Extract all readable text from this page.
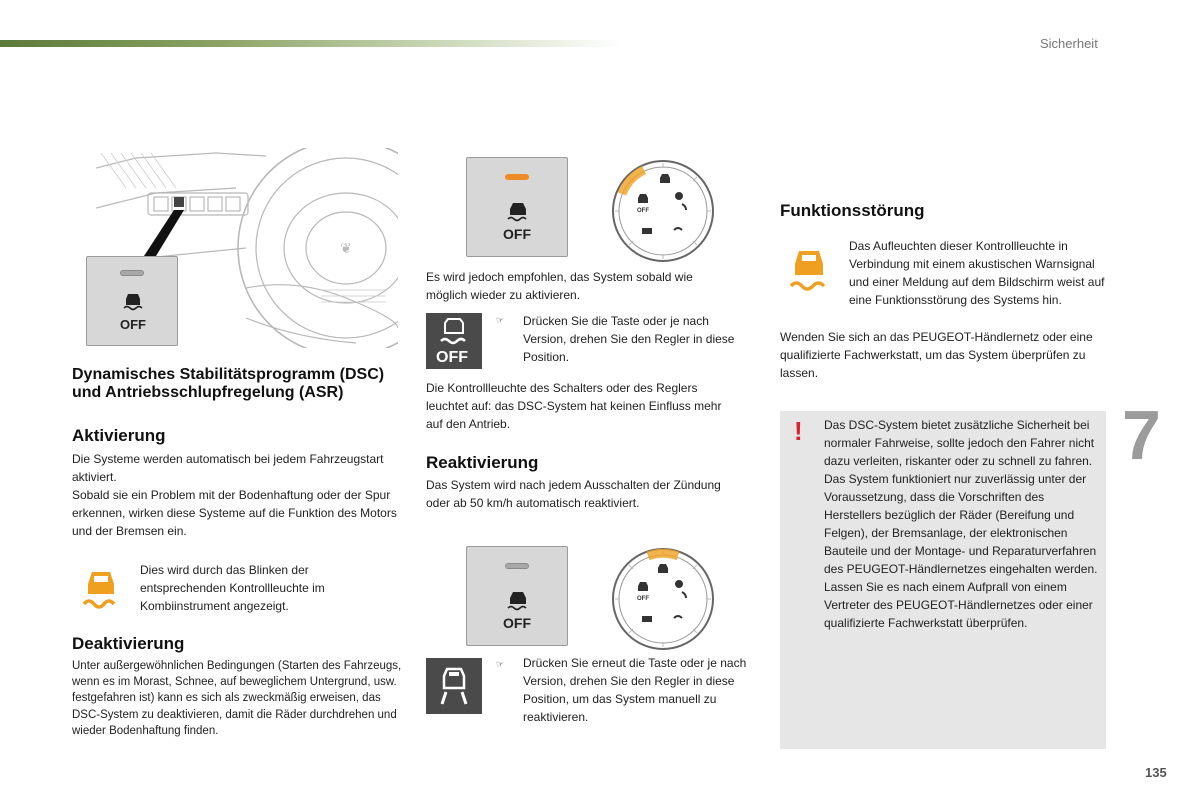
Sicherheit
7
135
❦
OFF
Dynamisches Stabilitätsprogramm (DSC) und Antriebsschlupfregelung (ASR)
Aktivierung

Die Systeme werden automatisch bei jedem Fahrzeugstart aktiviert.

Sobald sie ein Problem mit der Bodenhaftung oder der Spur erkennen, wirken diese Systeme auf die Funktion des Motors und der Bremsen ein.

Dies wird durch das Blinken der entsprechenden Kontrollleuchte im Kombiinstrument angezeigt.
Deaktivierung
Unter außergewöhnlichen Bedingungen (Starten des Fahrzeugs, wenn es im Morast, Schnee, auf beweglichem Untergrund, usw. festgefahren ist) kann es sich als zweckmäßig erweisen, das DSC-System zu deaktivieren, damit die Räder durchdrehen und wieder Bodenhaftung finden.
OFF
OFF
Es wird jedoch empfohlen, das System sobald wie möglich wieder zu aktivieren.
OFF
☞ Drücken Sie die Taste oder je nach Version, drehen Sie den Regler in diese Position.
Die Kontrollleuchte des Schalters oder des Reglers leuchtet auf: das DSC-System hat keinen Einfluss mehr auf den Antrieb.
Reaktivierung
Das System wird nach jedem Ausschalten der Zündung oder ab 50 km/h automatisch reaktiviert.
OFF
OFF
☞ Drücken Sie erneut die Taste oder je nach Version, drehen Sie den Regler in diese Position, um das System manuell zu reaktivieren.
Funktionsstörung
Das Aufleuchten dieser Kontrollleuchte in Verbindung mit einem akustischen Warnsignal und einer Meldung auf dem Bildschirm weist auf eine Funktionsstörung des Systems hin.
Wenden Sie sich an das PEUGEOT-Händlernetz oder eine qualifizierte Fachwerkstatt, um das System überprüfen zu lassen.
! Das DSC-System bietet zusätzliche Sicherheit bei normaler Fahrweise, sollte jedoch den Fahrer nicht dazu verleiten, riskanter oder zu schnell zu fahren.

Das System funktioniert nur zuverlässig unter der Voraussetzung, dass die Vorschriften des Herstellers bezüglich der Räder (Bereifung und Felgen), der Bremsanlage, der elektronischen Bauteile und der Montage- und Reparaturverfahren des PEUGEOT-Händlernetzes eingehalten werden.

Lassen Sie es nach einem Aufprall von einem Vertreter des PEUGEOT-Händlernetzes oder einer qualifizierte Fachwerkstatt überprüfen.
